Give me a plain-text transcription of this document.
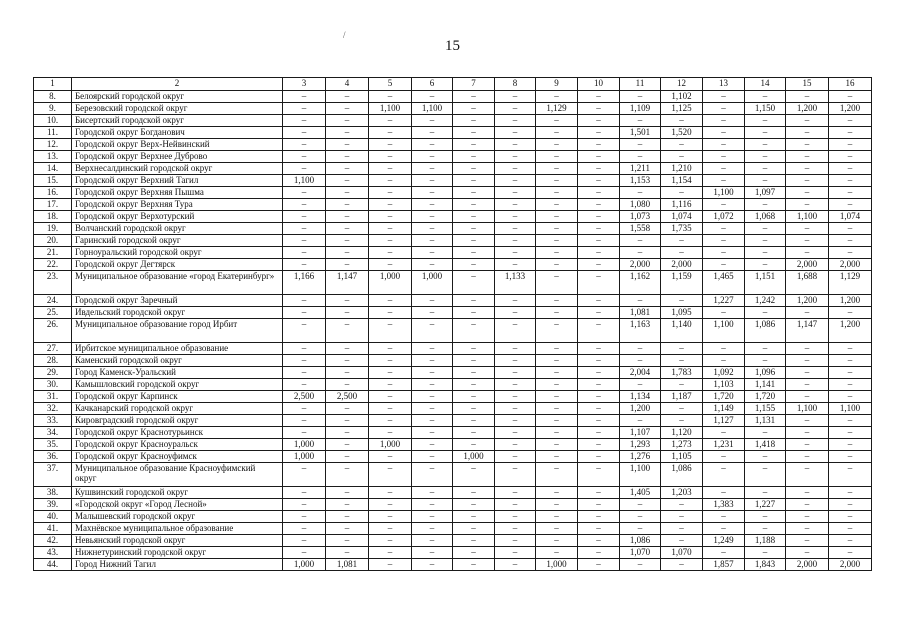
/
15
1	2	3	4	5	6	7	8	9	10	11	12	13	14	15	16
8.	Белоярский городской округ	–	–	–	–	–	–	–	–	–	1,102	–	–	–	–
9.	Березовский городской округ	–	–	1,100	1,100	–	–	1,129	–	1,109	1,125	–	1,150	1,200	1,200
10.	Бисертский городской округ	–	–	–	–	–	–	–	–	–	–	–	–	–	–
11.	Городской округ Богданович	–	–	–	–	–	–	–	–	1,501	1,520	–	–	–	–
12.	Городской округ Верх-Нейвинский	–	–	–	–	–	–	–	–	–	–	–	–	–	–
13.	Городской округ Верхнее Дуброво	–	–	–	–	–	–	–	–	–	–	–	–	–	–
14.	Верхнесалдинский городской округ	–	–	–	–	–	–	–	–	1,211	1,210	–	–	–	–
15.	Городской округ Верхний Тагил	1,100	–	–	–	–	–	–	–	1,153	1,154	–	–	–	–
16.	Городской округ Верхняя Пышма	–	–	–	–	–	–	–	–	–	–	1,100	1,097	–	–
17.	Городской округ Верхняя Тура	–	–	–	–	–	–	–	–	1,080	1,116	–	–	–	–
18.	Городской округ Верхотурский	–	–	–	–	–	–	–	–	1,073	1,074	1,072	1,068	1,100	1,074
19.	Волчанский городской округ	–	–	–	–	–	–	–	–	1,558	1,735	–	–	–	–
20.	Гаринский городской округ	–	–	–	–	–	–	–	–	–	–	–	–	–	–
21.	Горноуральский городской округ	–	–	–	–	–	–	–	–	–	–	–	–	–	–
22.	Городской округ Дегтярск	–	–	–	–	–	–	–	–	2,000	2,000	–	–	2,000	2,000
23.	Муниципальное образование «город Екатеринбург»	1,166	1,147	1,000	1,000	–	1,133	–	–	1,162	1,159	1,465	1,151	1,688	1,129
24.	Городской округ Заречный	–	–	–	–	–	–	–	–	–	–	1,227	1,242	1,200	1,200
25.	Ивдельский городской округ	–	–	–	–	–	–	–	–	1,081	1,095	–	–	–	–
26.	Муниципальное образование город Ирбит	–	–	–	–	–	–	–	–	1,163	1,140	1,100	1,086	1,147	1,200
27.	Ирбитское муниципальное образование	–	–	–	–	–	–	–	–	–	–	–	–	–	–
28.	Каменский городской округ	–	–	–	–	–	–	–	–	–	–	–	–	–	–
29.	Город Каменск-Уральский	–	–	–	–	–	–	–	–	2,004	1,783	1,092	1,096	–	–
30.	Камышловский городской округ	–	–	–	–	–	–	–	–	–	–	1,103	1,141	–	–
31.	Городской округ Карпинск	2,500	2,500	–	–	–	–	–	–	1,134	1,187	1,720	1,720	–	–
32.	Качканарский городской округ	–	–	–	–	–	–	–	–	1,200	–	1,149	1,155	1,100	1,100
33.	Кировградский городской округ	–	–	–	–	–	–	–	–	–	–	1,127	1,131	–	–
34.	Городской округ Краснотурьинск	–	–	–	–	–	–	–	–	1,107	1,120	–	–	–	–
35.	Городской округ Красноуральск	1,000	–	1,000	–	–	–	–	–	1,293	1,273	1,231	1,418	–	–
36.	Городской округ Красноуфимск	1,000	–	–	–	1,000	–	–	–	1,276	1,105	–	–	–	–
37.	Муниципальное образование Красноуфимский округ	–	–	–	–	–	–	–	–	1,100	1,086	–	–	–	–
38.	Кушвинский городской округ	–	–	–	–	–	–	–	–	1,405	1,203	–	–	–	–
39.	«Городской округ «Город Лесной»	–	–	–	–	–	–	–	–	–	–	1,383	1,227	–	–
40.	Малышевский городской округ	–	–	–	–	–	–	–	–	–	–	–	–	–	–
41.	Махнёвское муниципальное образование	–	–	–	–	–	–	–	–	–	–	–	–	–	–
42.	Невьянский городской округ	–	–	–	–	–	–	–	–	1,086	–	1,249	1,188	–	–
43.	Нижнетуринский городской округ	–	–	–	–	–	–	–	–	1,070	1,070	–	–	–	–
44.	Город Нижний Тагил	1,000	1,081	–	–	–	–	1,000	–	–	–	1,857	1,843	2,000	2,000
